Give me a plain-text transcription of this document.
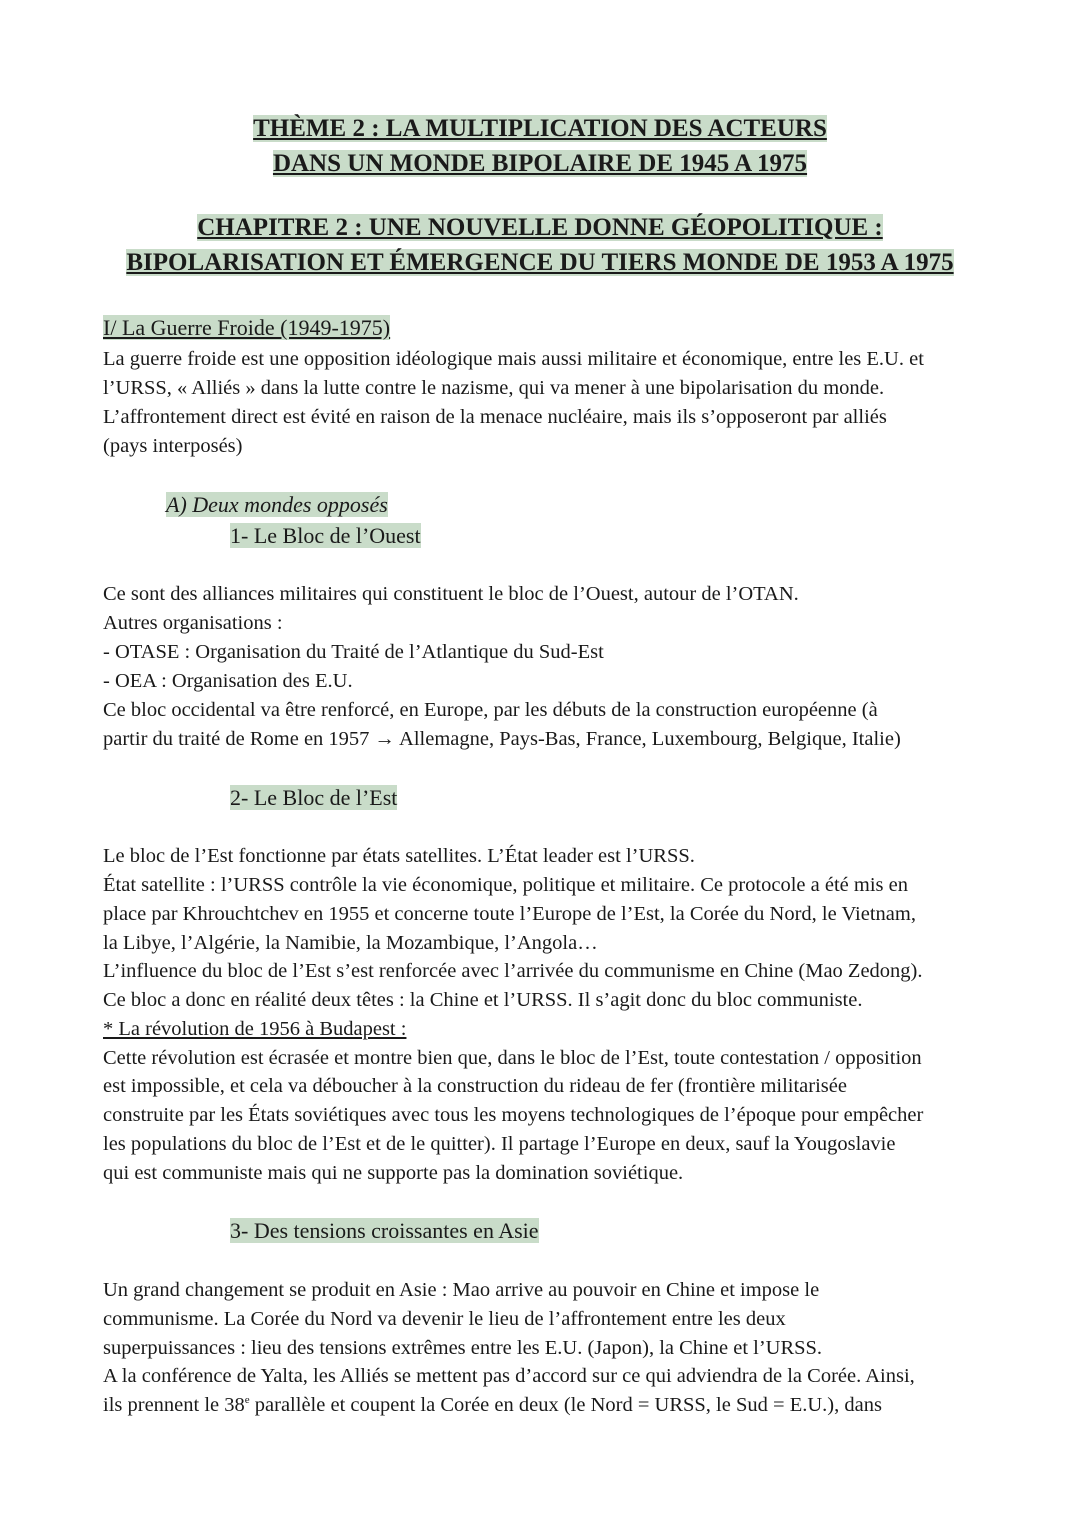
THÈME 2 : LA MULTIPLICATION DES ACTEURS
DANS UN MONDE BIPOLAIRE DE 1945 A 1975
CHAPITRE 2 : UNE NOUVELLE DONNE GÉOPOLITIQUE :
BIPOLARISATION ET ÉMERGENCE DU TIERS MONDE DE 1953 A 1975
I/ La Guerre Froide (1949-1975)
La guerre froide est une opposition idéologique mais aussi militaire et économique, entre les E.U. et
l’URSS, « Alliés » dans la lutte contre le nazisme, qui va mener à une bipolarisation du monde.
L’affrontement direct est évité en raison de la menace nucléaire, mais ils s’opposeront par alliés
(pays interposés)
A) Deux mondes opposés
1- Le Bloc de l’Ouest
Ce sont des alliances militaires qui constituent le bloc de l’Ouest, autour de l’OTAN.
Autres organisations :
- OTASE : Organisation du Traité de l’Atlantique du Sud-Est
- OEA : Organisation des E.U.
Ce bloc occidental va être renforcé, en Europe, par les débuts de la construction européenne (à
partir du traité de Rome en 1957 → Allemagne, Pays-Bas, France, Luxembourg, Belgique, Italie)
2- Le Bloc de l’Est
Le bloc de l’Est fonctionne par états satellites. L’État leader est l’URSS.
État satellite : l’URSS contrôle la vie économique, politique et militaire. Ce protocole a été mis en
place par Khrouchtchev en 1955 et concerne toute l’Europe de l’Est, la Corée du Nord, le Vietnam,
la Libye, l’Algérie, la Namibie, la Mozambique, l’Angola…
L’influence du bloc de l’Est s’est renforcée avec l’arrivée du communisme en Chine (Mao Zedong).
Ce bloc a donc en réalité deux têtes : la Chine et l’URSS. Il s’agit donc du bloc communiste.
* La révolution de 1956 à Budapest :
Cette révolution est écrasée et montre bien que, dans le bloc de l’Est, toute contestation / opposition
est impossible, et cela va déboucher à la construction du rideau de fer (frontière militarisée
construite par les États soviétiques avec tous les moyens technologiques de l’époque pour empêcher
les populations du bloc de l’Est et de le quitter). Il partage l’Europe en deux, sauf la Yougoslavie
qui est communiste mais qui ne supporte pas la domination soviétique.
3- Des tensions croissantes en Asie
Un grand changement se produit en Asie : Mao arrive au pouvoir en Chine et impose le
communisme. La Corée du Nord va devenir le lieu de l’affrontement entre les deux
superpuissances : lieu des tensions extrêmes entre les E.U. (Japon), la Chine et l’URSS.
A la conférence de Yalta, les Alliés se mettent pas d’accord sur ce qui adviendra de la Corée. Ainsi,
ils prennent le 38e parallèle et coupent la Corée en deux (le Nord = URSS, le Sud = E.U.), dans
